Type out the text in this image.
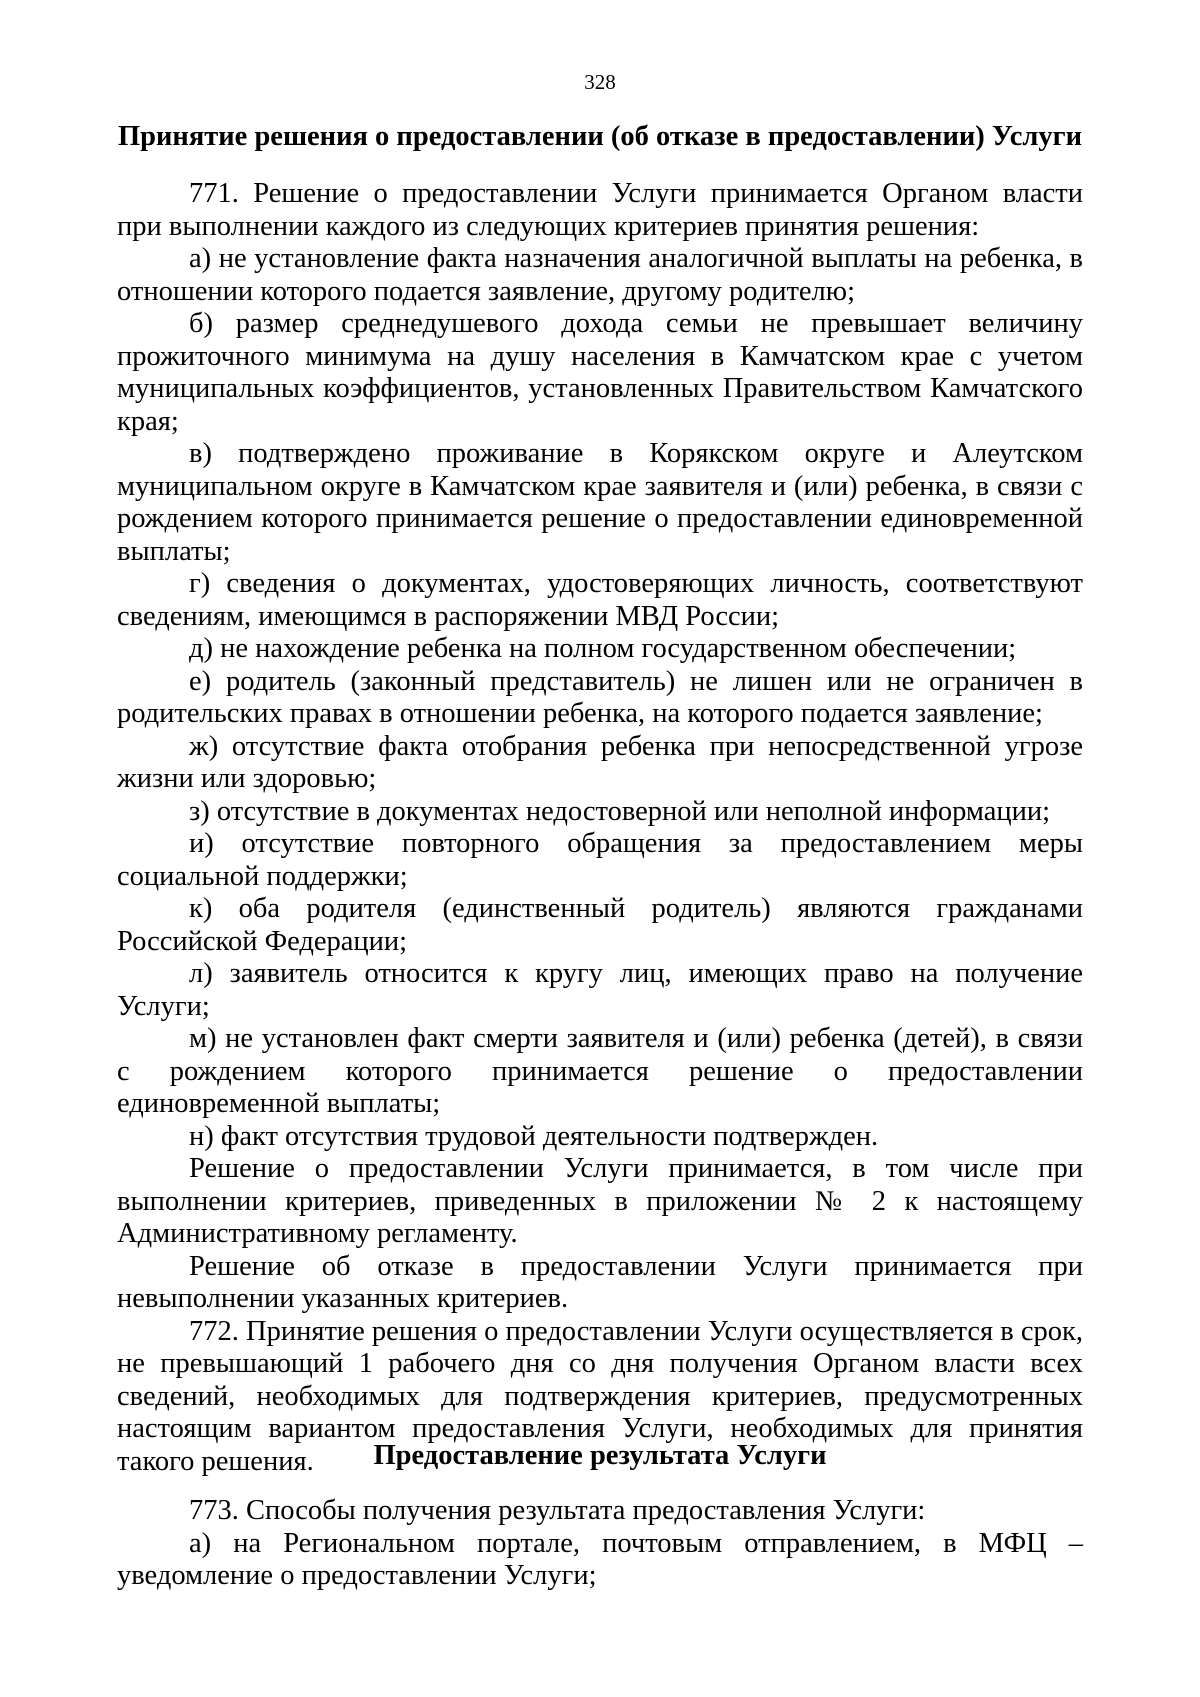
328
Принятие решения о предоставлении (об отказе в предоставлении) Услуги

771. Решение о предоставлении Услуги принимается Органом власти при выполнении каждого из следующих критериев принятия решения:

а) не установление факта назначения аналогичной выплаты на ребенка, в отношении которого подается заявление, другому родителю;

б) размер среднедушевого дохода семьи не превышает величину прожиточного минимума на душу населения в Камчатском крае с учетом муниципальных коэффициентов, установленных Правительством Камчатского края;

в) подтверждено проживание в Корякском округе и Алеутском муниципальном округе в Камчатском крае заявителя и (или) ребенка, в связи с рождением которого принимается решение о предоставлении единовременной выплаты;

г) сведения о документах, удостоверяющих личность, соответствуют сведениям, имеющимся в распоряжении МВД России;

д) не нахождение ребенка на полном государственном обеспечении;

е) родитель (законный представитель) не лишен или не ограничен в родительских правах в отношении ребенка, на которого подается заявление;

ж) отсутствие факта отобрания ребенка при непосредственной угрозе жизни или здоровью;

з) отсутствие в документах недостоверной или неполной информации;

и) отсутствие повторного обращения за предоставлением меры социальной поддержки;

к) оба родителя (единственный родитель) являются гражданами Российской Федерации;

л) заявитель относится к кругу лиц, имеющих право на получение Услуги;

м) не установлен факт смерти заявителя и (или) ребенка (детей), в связи с рождением которого принимается решение о предоставлении единовременной выплаты;

н) факт отсутствия трудовой деятельности подтвержден.

Решение о предоставлении Услуги принимается, в том числе при выполнении критериев, приведенных в приложении № 2 к настоящему Административному регламенту.

Решение об отказе в предоставлении Услуги принимается при невыполнении указанных критериев.

772. Принятие решения о предоставлении Услуги осуществляется в срок, не превышающий 1 рабочего дня со дня получения Органом власти всех сведений, необходимых для подтверждения критериев, предусмотренных настоящим вариантом предоставления Услуги, необходимых для принятия такого решения.	Предоставление результата Услуги

773. Способы получения результата предоставления Услуги:

а) на Региональном портале, почтовым отправлением, в МФЦ – уведомление о предоставлении Услуги;
